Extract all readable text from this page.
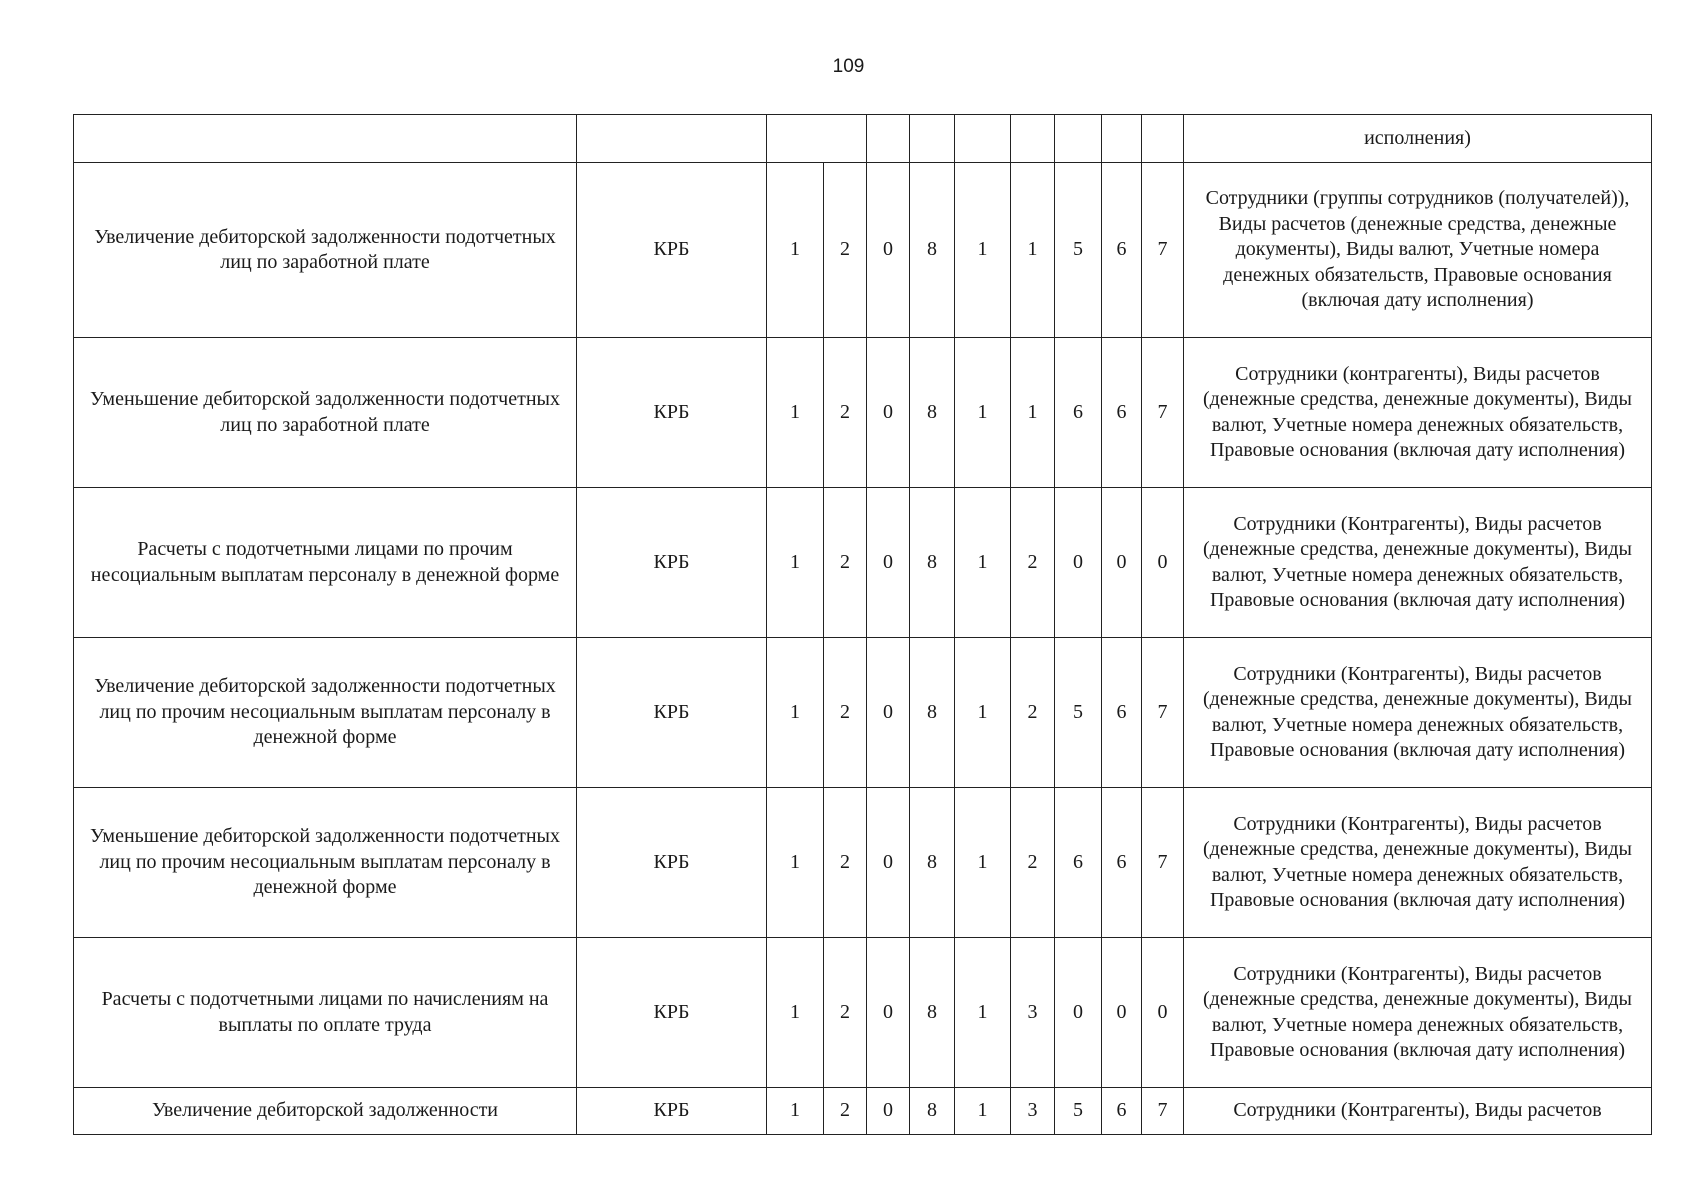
109
											исполнения)
Увеличение дебиторской задолженности подотчетных лиц по заработной плате	КРБ	1	2	0	8	1	1	5	6	7	Сотрудники (группы сотрудников (получателей)), Виды расчетов (денежные средства, денежные документы), Виды валют, Учетные номера денежных обязательств, Правовые основания (включая дату исполнения)
Уменьшение дебиторской задолженности подотчетных лиц по заработной плате	КРБ	1	2	0	8	1	1	6	6	7	Сотрудники (контрагенты), Виды расчетов (денежные средства, денежные документы), Виды валют, Учетные номера денежных обязательств, Правовые основания (включая дату исполнения)
Расчеты с подотчетными лицами по прочим несоциальным выплатам персоналу в денежной форме	КРБ	1	2	0	8	1	2	0	0	0	Сотрудники (Контрагенты), Виды расчетов (денежные средства, денежные документы), Виды валют, Учетные номера денежных обязательств, Правовые основания (включая дату исполнения)
Увеличение дебиторской задолженности подотчетных лиц по прочим несоциальным выплатам персоналу в денежной форме	КРБ	1	2	0	8	1	2	5	6	7	Сотрудники (Контрагенты), Виды расчетов (денежные средства, денежные документы), Виды валют, Учетные номера денежных обязательств, Правовые основания (включая дату исполнения)
Уменьшение дебиторской задолженности подотчетных лиц по прочим несоциальным выплатам персоналу в денежной форме	КРБ	1	2	0	8	1	2	6	6	7	Сотрудники (Контрагенты), Виды расчетов (денежные средства, денежные документы), Виды валют, Учетные номера денежных обязательств, Правовые основания (включая дату исполнения)
Расчеты с подотчетными лицами по начислениям на выплаты по оплате труда	КРБ	1	2	0	8	1	3	0	0	0	Сотрудники (Контрагенты), Виды расчетов (денежные средства, денежные документы), Виды валют, Учетные номера денежных обязательств, Правовые основания (включая дату исполнения)
Увеличение дебиторской задолженности	КРБ	1	2	0	8	1	3	5	6	7	Сотрудники (Контрагенты), Виды расчетов
